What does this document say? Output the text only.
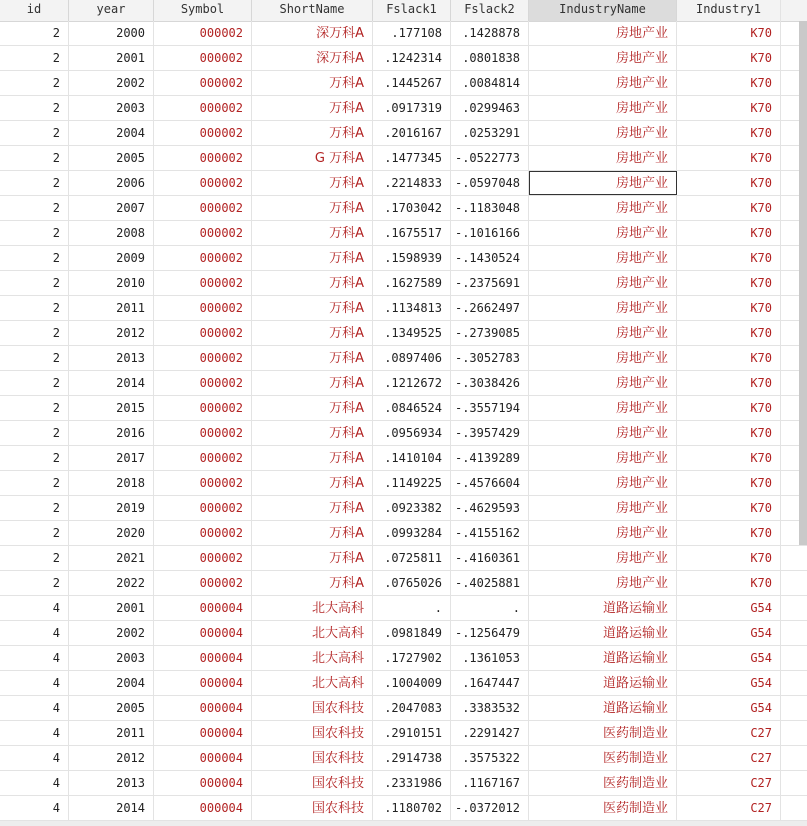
id	year	Symbol	ShortName	Fslack1	Fslack2	IndustryName	Industry1
2	2000	000002	深万科A	.177108	.1428878	房地产业	K70
2	2001	000002	深万科A	.1242314	.0801838	房地产业	K70
2	2002	000002	万科A	.1445267	.0084814	房地产业	K70
2	2003	000002	万科A	.0917319	.0299463	房地产业	K70
2	2004	000002	万科A	.2016167	.0253291	房地产业	K70
2	2005	000002	G 万科A	.1477345	-.0522773	房地产业	K70
2	2006	000002	万科A	.2214833	-.0597048	房地产业	K70
2	2007	000002	万科A	.1703042	-.1183048	房地产业	K70
2	2008	000002	万科A	.1675517	-.1016166	房地产业	K70
2	2009	000002	万科A	.1598939	-.1430524	房地产业	K70
2	2010	000002	万科A	.1627589	-.2375691	房地产业	K70
2	2011	000002	万科A	.1134813	-.2662497	房地产业	K70
2	2012	000002	万科A	.1349525	-.2739085	房地产业	K70
2	2013	000002	万科A	.0897406	-.3052783	房地产业	K70
2	2014	000002	万科A	.1212672	-.3038426	房地产业	K70
2	2015	000002	万科A	.0846524	-.3557194	房地产业	K70
2	2016	000002	万科A	.0956934	-.3957429	房地产业	K70
2	2017	000002	万科A	.1410104	-.4139289	房地产业	K70
2	2018	000002	万科A	.1149225	-.4576604	房地产业	K70
2	2019	000002	万科A	.0923382	-.4629593	房地产业	K70
2	2020	000002	万科A	.0993284	-.4155162	房地产业	K70
2	2021	000002	万科A	.0725811	-.4160361	房地产业	K70
2	2022	000002	万科A	.0765026	-.4025881	房地产业	K70
4	2001	000004	北大高科	.	.	道路运输业	G54
4	2002	000004	北大高科	.0981849	-.1256479	道路运输业	G54
4	2003	000004	北大高科	.1727902	.1361053	道路运输业	G54
4	2004	000004	北大高科	.1004009	.1647447	道路运输业	G54
4	2005	000004	国农科技	.2047083	.3383532	道路运输业	G54
4	2011	000004	国农科技	.2910151	.2291427	医药制造业	C27
4	2012	000004	国农科技	.2914738	.3575322	医药制造业	C27
4	2013	000004	国农科技	.2331986	.1167167	医药制造业	C27
4	2014	000004	国农科技	.1180702	-.0372012	医药制造业	C27
